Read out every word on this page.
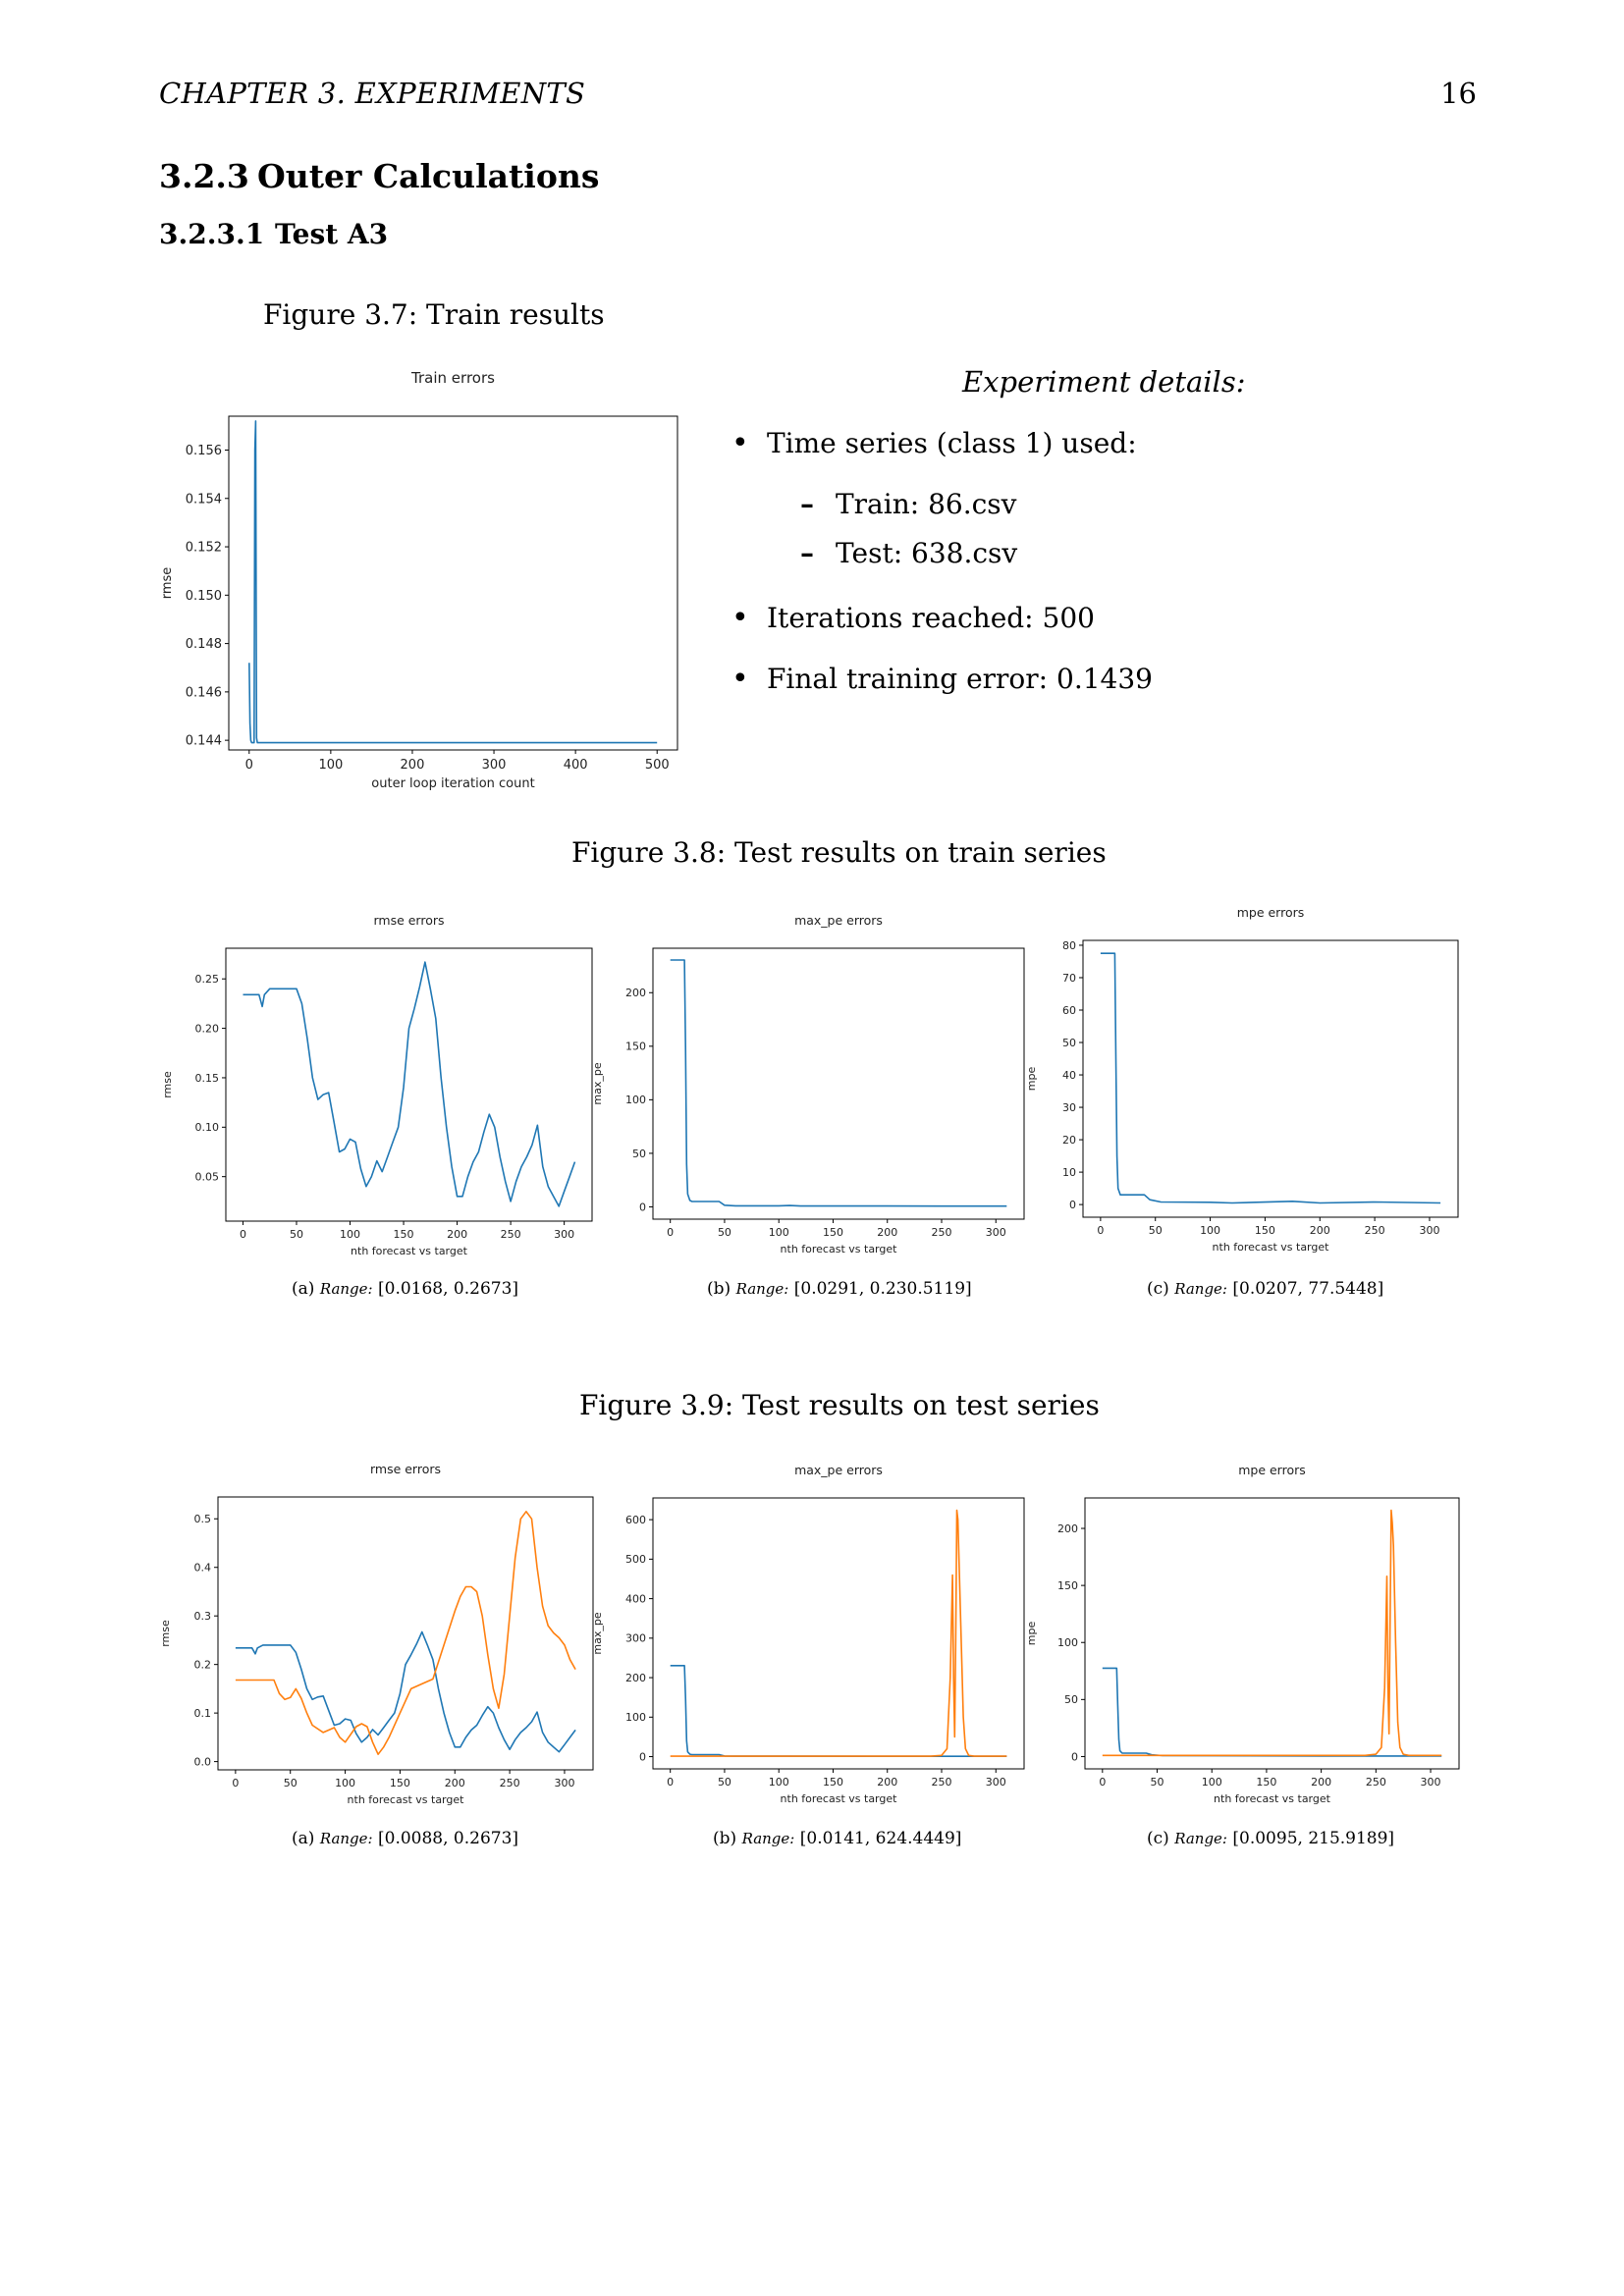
CHAPTER 3. EXPERIMENTS	16
3.2.3 Outer Calculations
3.2.3.1 Test A3
Figure 3.7: Train results
Train errors
0	100	200	300	400	500
0.144
0.146
0.148
0.150
0.152
0.154
0.156
outer loop iteration count
rmse
Experiment details:
• Time series (class 1) used:
– Train: 86.csv
– Test: 638.csv
• Iterations reached: 500
• Final training error: 0.1439
Figure 3.8: Test results on train series
rmse errors
0	50	100	150	200	250	300
0.05
0.10
0.15
0.20
0.25
nth forecast vs target
rmse
max_pe errors
0	50	100	150	200	250	300
0
50
100
150
200
nth forecast vs target
max_pe
mpe errors
0	50	100	150	200	250	300
0
10
20
30
40
50
60
70
80
nth forecast vs target
mpe
(a) Range: [0.0168, 0.2673]	(b) Range: [0.0291, 0.230.5119]	(c) Range: [0.0207, 77.5448]
Figure 3.9: Test results on test series
rmse errors
0	50	100	150	200	250	300
0.0
0.1
0.2
0.3
0.4
0.5
nth forecast vs target
rmse
max_pe errors
0	50	100	150	200	250	300
0
100
200
300
400
500
600
nth forecast vs target
max_pe
mpe errors
0	50	100	150	200	250	300
0
50
100
150
200
nth forecast vs target
mpe
(a) Range: [0.0088, 0.2673]	(b) Range: [0.0141, 624.4449]	(c) Range: [0.0095, 215.9189]
